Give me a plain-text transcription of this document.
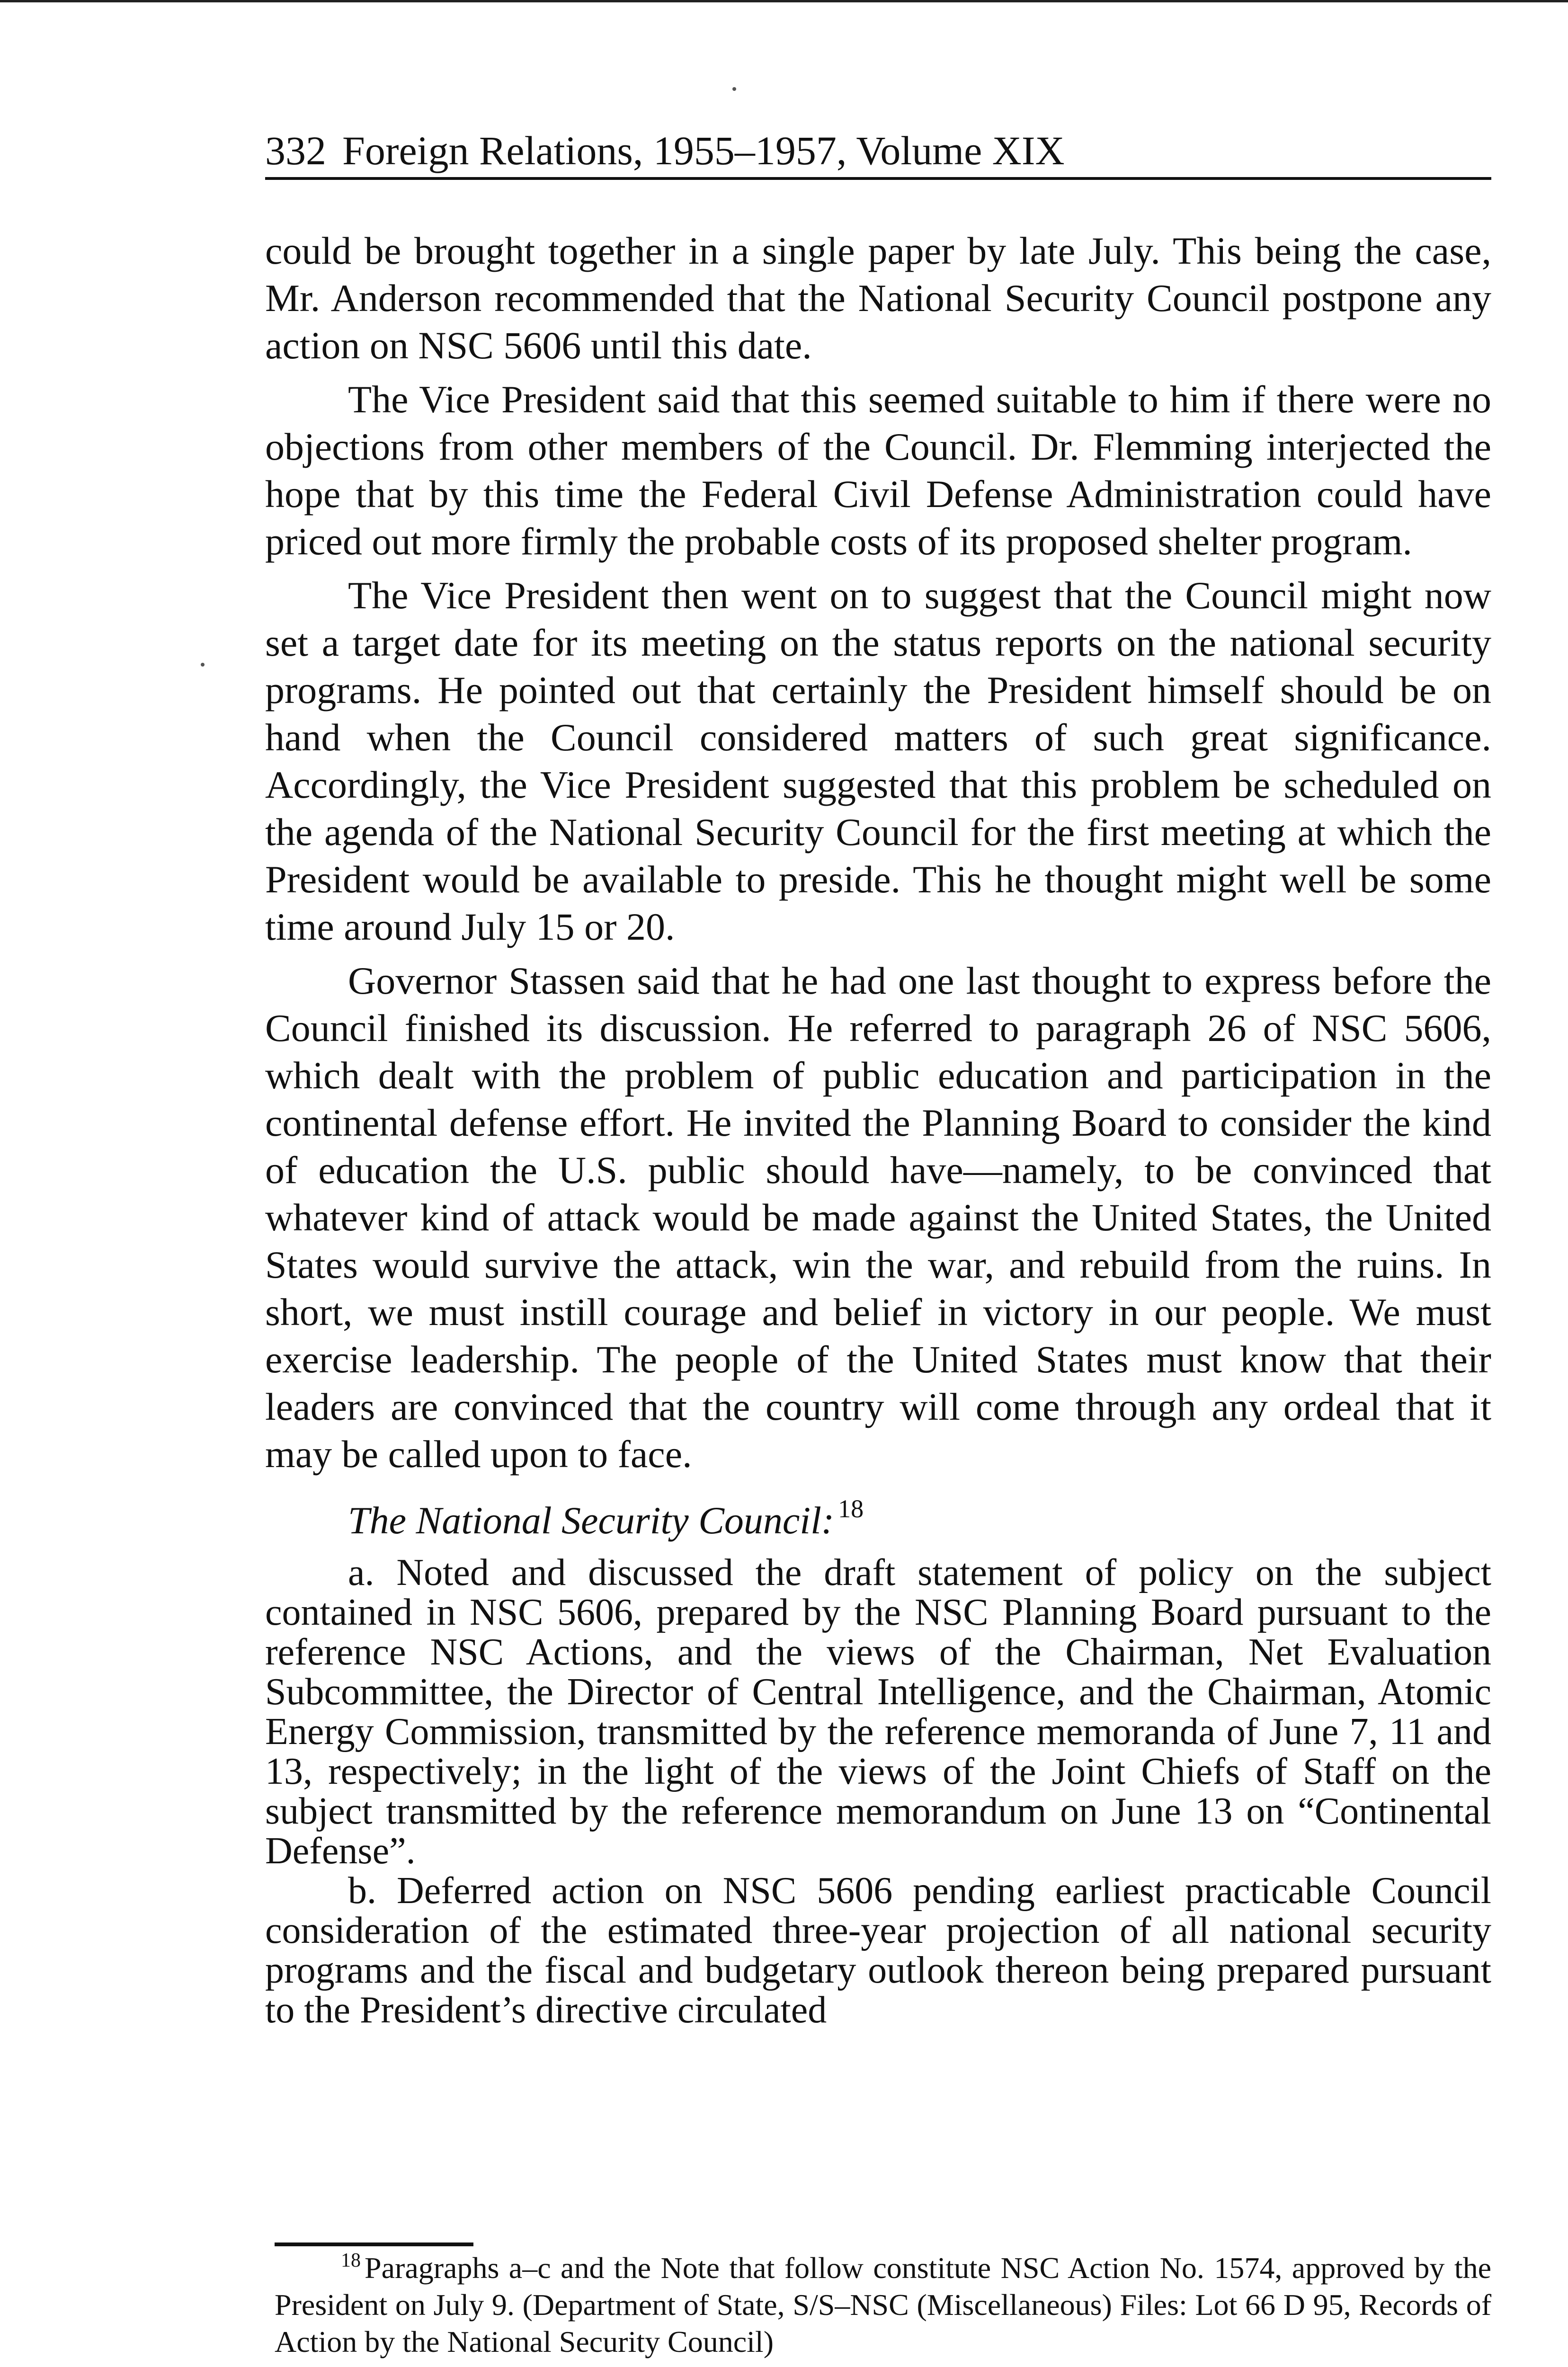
332 Foreign Relations, 1955–1957, Volume XIX

could be brought together in a single paper by late July. This being the case, Mr. Anderson recommended that the National Security Council postpone any action on NSC 5606 until this date.

The Vice President said that this seemed suitable to him if there were no objections from other members of the Council. Dr. Flemming interjected the hope that by this time the Federal Civil Defense Administration could have priced out more firmly the probable costs of its proposed shelter program.

The Vice President then went on to suggest that the Council might now set a target date for its meeting on the status reports on the national security programs. He pointed out that certainly the President himself should be on hand when the Council considered matters of such great significance. Accordingly, the Vice President suggested that this problem be scheduled on the agenda of the National Security Council for the first meeting at which the President would be available to preside. This he thought might well be some time around July 15 or 20.

Governor Stassen said that he had one last thought to express before the Council finished its discussion. He referred to paragraph 26 of NSC 5606, which dealt with the problem of public education and participation in the continental defense effort. He invited the Planning Board to consider the kind of education the U.S. public should have—namely, to be convinced that whatever kind of attack would be made against the United States, the United States would survive the attack, win the war, and rebuild from the ruins. In short, we must instill courage and belief in victory in our people. We must exercise leadership. The people of the United States must know that their leaders are convinced that the country will come through any ordeal that it may be called upon to face.

The National Security Council: $^{18}$

a. Noted and discussed the draft statement of policy on the subject contained in NSC 5606, prepared by the NSC Planning Board pursuant to the reference NSC Actions, and the views of the Chairman, Net Evaluation Subcommittee, the Director of Central Intelligence, and the Chairman, Atomic Energy Commission, transmitted by the reference memoranda of June 7, 11 and 13, respectively; in the light of the views of the Joint Chiefs of Staff on the subject transmitted by the reference memorandum on June 13 on “Continental Defense”.

b. Deferred action on NSC 5606 pending earliest practicable Council consideration of the estimated three-year projection of all national security programs and the fiscal and budgetary outlook thereon being prepared pursuant to the President’s directive circulated

$^{18}$ Paragraphs a–c and the Note that follow constitute NSC Action No. 1574, approved by the President on July 9. (Department of State, S/S–NSC (Miscellaneous) Files: Lot 66 D 95, Records of Action by the National Security Council)
